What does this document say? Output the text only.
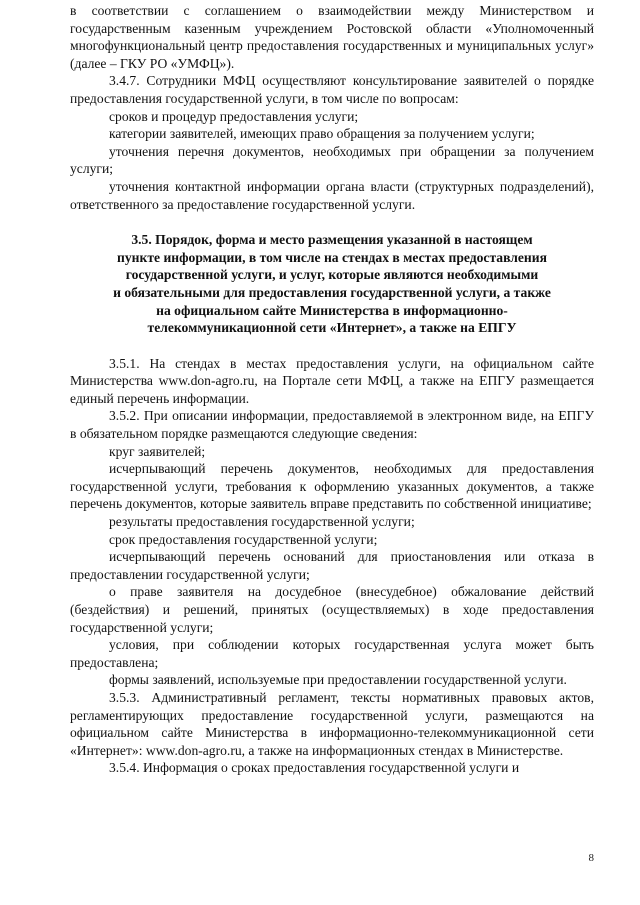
в соответствии с соглашением о взаимодействии между Министерством и государственным казенным учреждением Ростовской области «Уполномоченный многофункциональный центр предоставления государственных и муниципальных услуг» (далее – ГКУ РО «УМФЦ»).

3.4.7. Сотрудники МФЦ осуществляют консультирование заявителей о порядке предоставления государственной услуги, в том числе по вопросам:

сроков и процедур предоставления услуги;

категории заявителей, имеющих право обращения за получением услуги;

уточнения перечня документов, необходимых при обращении за получением услуги;

уточнения контактной информации органа власти (структурных подразделений), ответственного за предоставление государственной услуги.

3.5. Порядок, форма и место размещения указанной в настоящем
пункте информации, в том числе на стендах в местах предоставления
государственной услуги, и услуг, которые являются необходимыми
и обязательными для предоставления государственной услуги, а также
на официальном сайте Министерства в информационно-
телекоммуникационной сети «Интернет», а также на ЕПГУ

3.5.1. На стендах в местах предоставления услуги, на официальном сайте Министерства www.don-agro.ru, на Портале сети МФЦ, а также на ЕПГУ размещается единый перечень информации.

3.5.2. При описании информации, предоставляемой в электронном виде, на ЕПГУ в обязательном порядке размещаются следующие сведения:

круг заявителей;

исчерпывающий перечень документов, необходимых для предоставления государственной услуги, требования к оформлению указанных документов, а также перечень документов, которые заявитель вправе представить по собственной инициативе;

результаты предоставления государственной услуги;

срок предоставления государственной услуги;

исчерпывающий перечень оснований для приостановления или отказа в предоставлении государственной услуги;

о праве заявителя на досудебное (внесудебное) обжалование действий (бездействия) и решений, принятых (осуществляемых) в ходе предоставления государственной услуги;

условия, при соблюдении которых государственная услуга может быть предоставлена;

формы заявлений, используемые при предоставлении государственной услуги.

3.5.3. Административный регламент, тексты нормативных правовых актов, регламентирующих предоставление государственной услуги, размещаются на официальном сайте Министерства в информационно-телекоммуникационной сети «Интернет»: www.don-agro.ru, а также на информационных стендах в Министерстве.

3.5.4. Информация о сроках предоставления государственной услуги и

8
